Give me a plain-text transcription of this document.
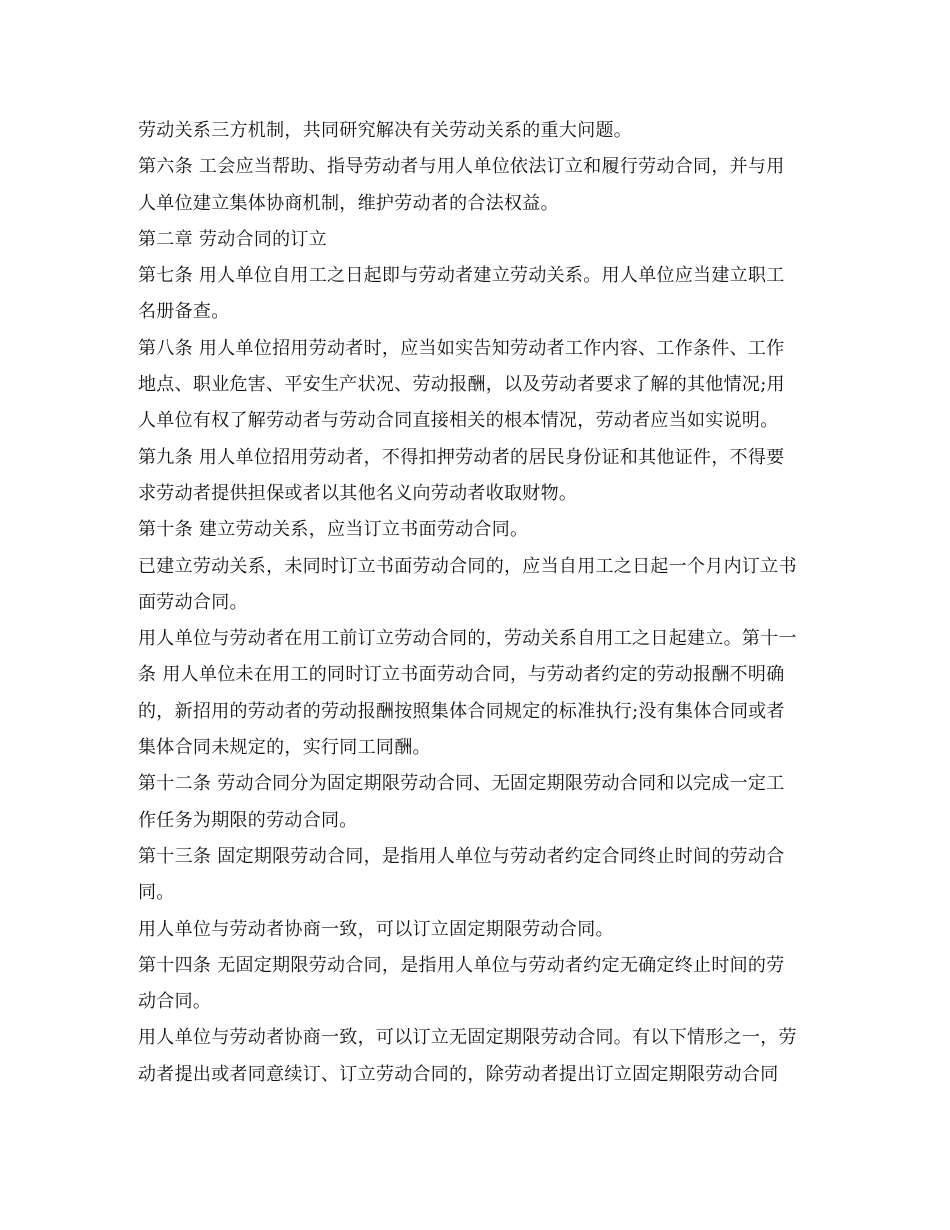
劳动关系三方机制，共同研究解决有关劳动关系的重大问题。
第六条 工会应当帮助、指导劳动者与用人单位依法订立和履行劳动合同，并与用
人单位建立集体协商机制，维护劳动者的合法权益。
第二章 劳动合同的订立
第七条 用人单位自用工之日起即与劳动者建立劳动关系。用人单位应当建立职工
名册备查。
第八条 用人单位招用劳动者时，应当如实告知劳动者工作内容、工作条件、工作
地点、职业危害、平安生产状况、劳动报酬，以及劳动者要求了解的其他情况;用
人单位有权了解劳动者与劳动合同直接相关的根本情况，劳动者应当如实说明。
第九条 用人单位招用劳动者，不得扣押劳动者的居民身份证和其他证件，不得要
求劳动者提供担保或者以其他名义向劳动者收取财物。
第十条 建立劳动关系，应当订立书面劳动合同。
已建立劳动关系，未同时订立书面劳动合同的，应当自用工之日起一个月内订立书
面劳动合同。
用人单位与劳动者在用工前订立劳动合同的，劳动关系自用工之日起建立。第十一
条 用人单位未在用工的同时订立书面劳动合同，与劳动者约定的劳动报酬不明确
的，新招用的劳动者的劳动报酬按照集体合同规定的标准执行;没有集体合同或者
集体合同未规定的，实行同工同酬。
第十二条 劳动合同分为固定期限劳动合同、无固定期限劳动合同和以完成一定工
作任务为期限的劳动合同。
第十三条 固定期限劳动合同，是指用人单位与劳动者约定合同终止时间的劳动合
同。
用人单位与劳动者协商一致，可以订立固定期限劳动合同。
第十四条 无固定期限劳动合同，是指用人单位与劳动者约定无确定终止时间的劳
动合同。
用人单位与劳动者协商一致，可以订立无固定期限劳动合同。有以下情形之一，劳
动者提出或者同意续订、订立劳动合同的，除劳动者提出订立固定期限劳动合同
